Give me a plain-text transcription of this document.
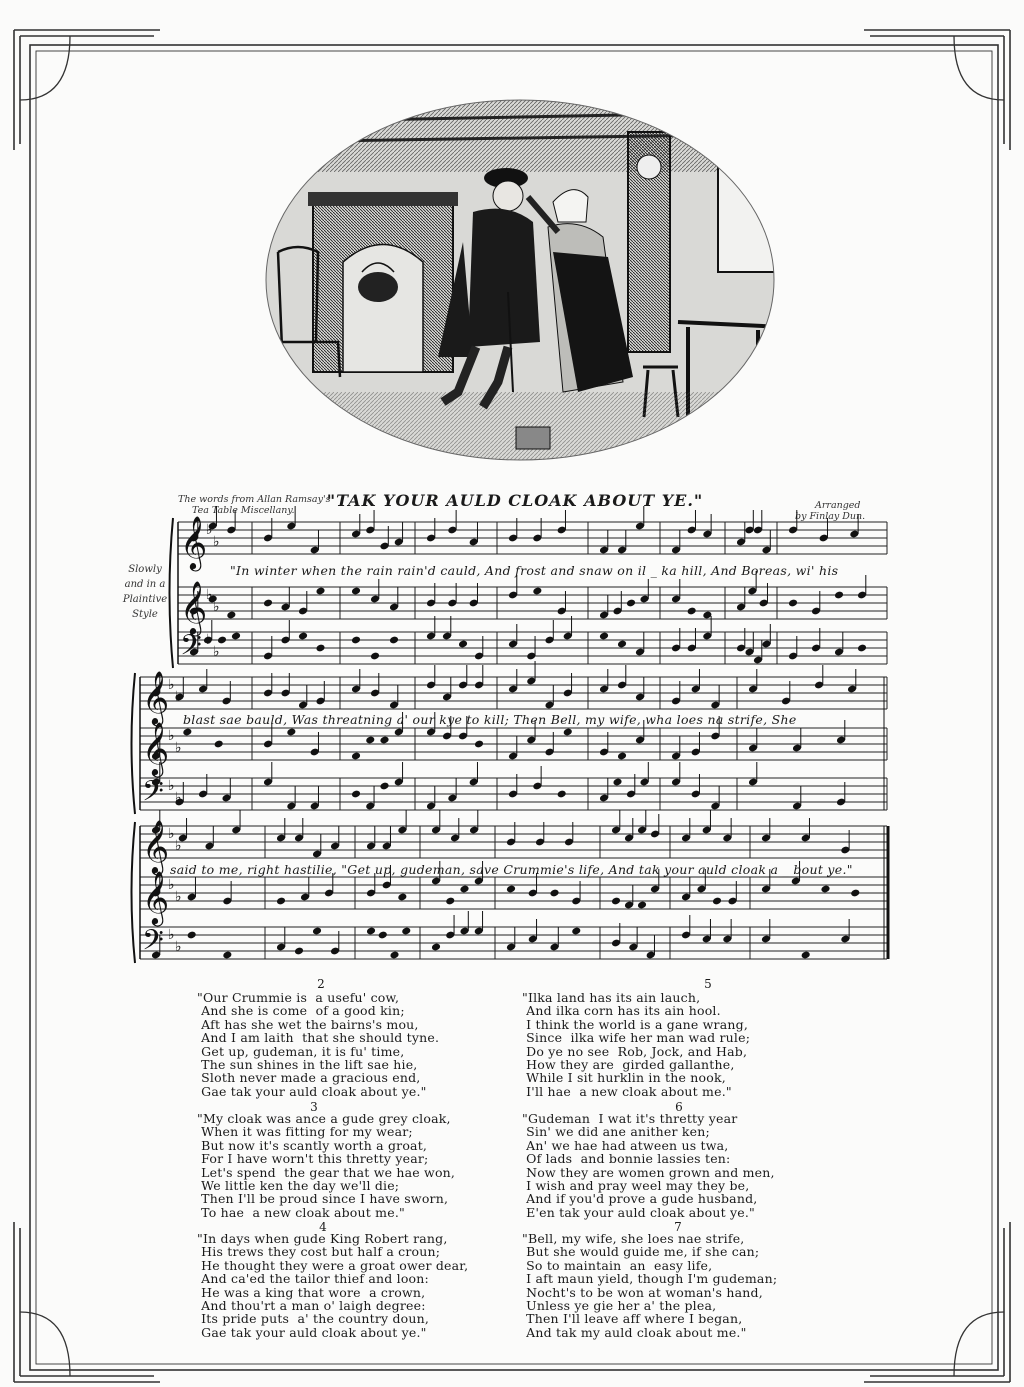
"TAK YOUR AULD CLOAK ABOUT YE."
The words from Allan Ramsay's
Tea Table Miscellany.	Arranged
by Finlay Dun.
Slowly
and in a
Plaintive
Style
𝄞
♭
♭
𝄞
♭
♭
𝄢 ♭
♭
𝄞
♭
♭
𝄞
♭
♭
𝄢 ♭
♭
𝄞
♭
♭
𝄞
♭
♭
𝄢 ♭
♭
"In winter when the rain rain'd cauld, And frost and snaw on il _ ka hill, And Boreas, wi' his
blast sae bauld, Was threatning a' our kye to kill; Then Bell, my wife, wha loes na strife, She
said to me, right hastilie, "Get up, gudeman, save Crummie's life, And tak your auld cloak a _ bout ye."
2
"Our Crummie is  a usefu' cow,
And she is come  of a good kin;
Aft has she wet the bairns's mou,
And I am laith  that she should tyne.
Get up, gudeman, it is fu' time,
The sun shines in the lift sae hie,
Sloth never made a gracious end,
Gae tak your auld cloak about ye."
3
"My cloak was ance a gude grey cloak,
When it was fitting for my wear;
But now it's scantly worth a groat,
For I have worn't this thretty year;
Let's spend  the gear that we hae won,
We little ken the day we'll die;
Then I'll be proud since I have sworn,
To hae  a new cloak about me."
4
"In days when gude King Robert rang,
His trews they cost but half a croun;
He thought they were a groat ower dear,
And ca'ed the tailor thief and loon:
He was a king that wore  a crown,
And thou'rt a man o' laigh degree:
Its pride puts  a' the country doun,
Gae tak your auld cloak about ye."
5
"Ilka land has its ain lauch,
And ilka corn has its ain hool.
I think the world is a gane wrang,
Since  ilka wife her man wad rule;
Do ye no see  Rob, Jock, and Hab,
How they are  girded gallanthe,
While I sit hurklin in the nook,
I'll hae  a new cloak about me."
6
"Gudeman  I wat it's thretty year
Sin' we did ane anither ken;
An' we hae had atween us twa,
Of lads  and bonnie lassies ten:
Now they are women grown and men,
I wish and pray weel may they be,
And if you'd prove a gude husband,
E'en tak your auld cloak about ye."
7
"Bell, my wife, she loes nae strife,
But she would guide me, if she can;
So to maintain  an  easy life,
I aft maun yield, though I'm gudeman;
Nocht's to be won at woman's hand,
Unless ye gie her a' the plea,
Then I'll leave aff where I began,
And tak my auld cloak about me."
